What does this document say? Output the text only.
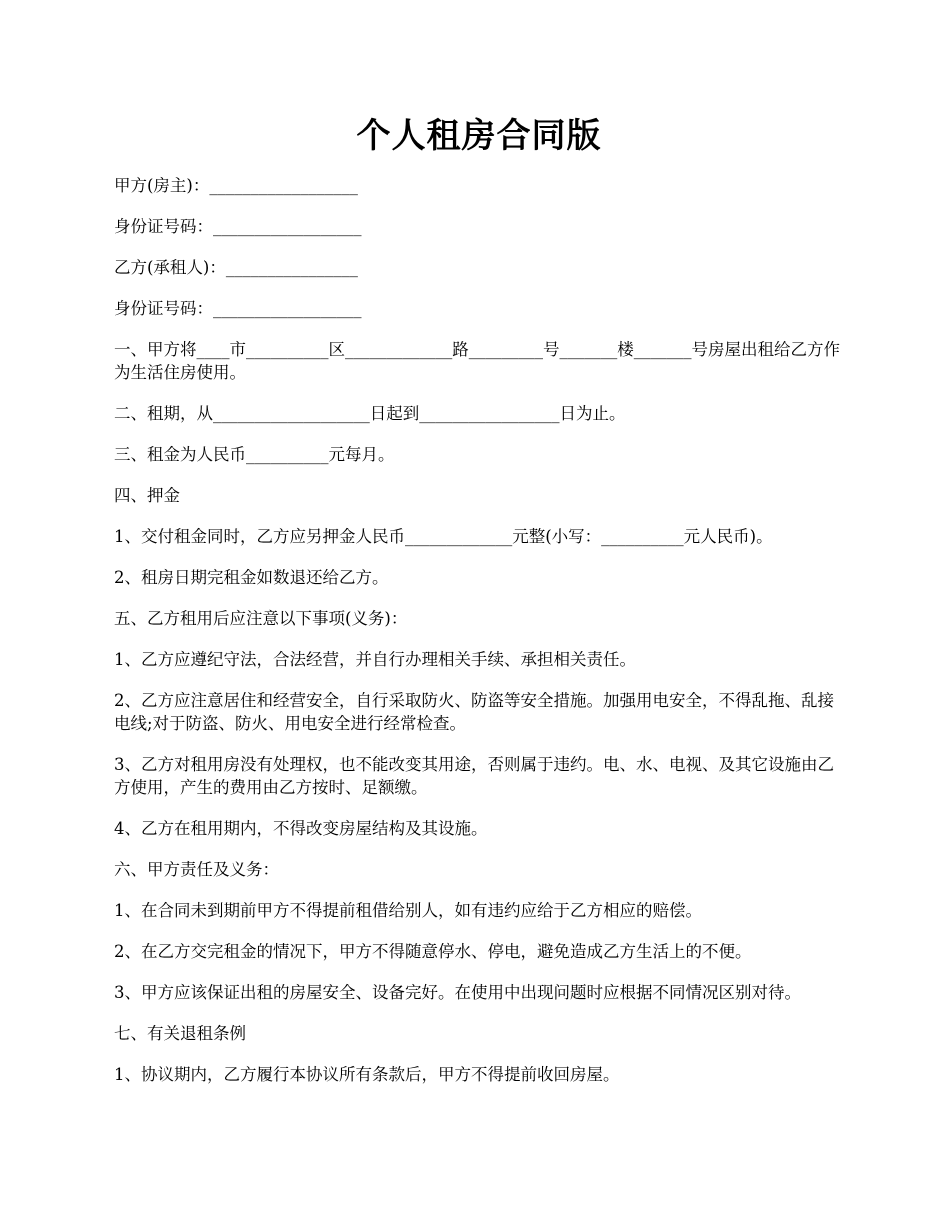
个人租房合同版

甲方(房主)：__________________

身份证号码：__________________

乙方(承租人)：________________

身份证号码：__________________

一、甲方将____市__________区_____________路_________号_______楼_______号房屋出租给乙方作为生活住房使用。

二、租期，从___________________日起到_________________日为止。

三、租金为人民币__________元每月。

四、押金

1、交付租金同时，乙方应另押金人民币_____________元整(小写：__________元人民币)。

2、租房日期完租金如数退还给乙方。

五、乙方租用后应注意以下事项(义务)：

1、乙方应遵纪守法，合法经营，并自行办理相关手续、承担相关责任。

2、乙方应注意居住和经营安全，自行采取防火、防盗等安全措施。加强用电安全，不得乱拖、乱接电线;对于防盗、防火、用电安全进行经常检查。

3、乙方对租用房没有处理权，也不能改变其用途，否则属于违约。电、水、电视、及其它设施由乙方使用，产生的费用由乙方按时、足额缴。

4、乙方在租用期内，不得改变房屋结构及其设施。

六、甲方责任及义务：

1、在合同未到期前甲方不得提前租借给别人，如有违约应给于乙方相应的赔偿。

2、在乙方交完租金的情况下，甲方不得随意停水、停电，避免造成乙方生活上的不便。

3、甲方应该保证出租的房屋安全、设备完好。在使用中出现问题时应根据不同情况区别对待。

七、有关退租条例

1、协议期内，乙方履行本协议所有条款后，甲方不得提前收回房屋。
